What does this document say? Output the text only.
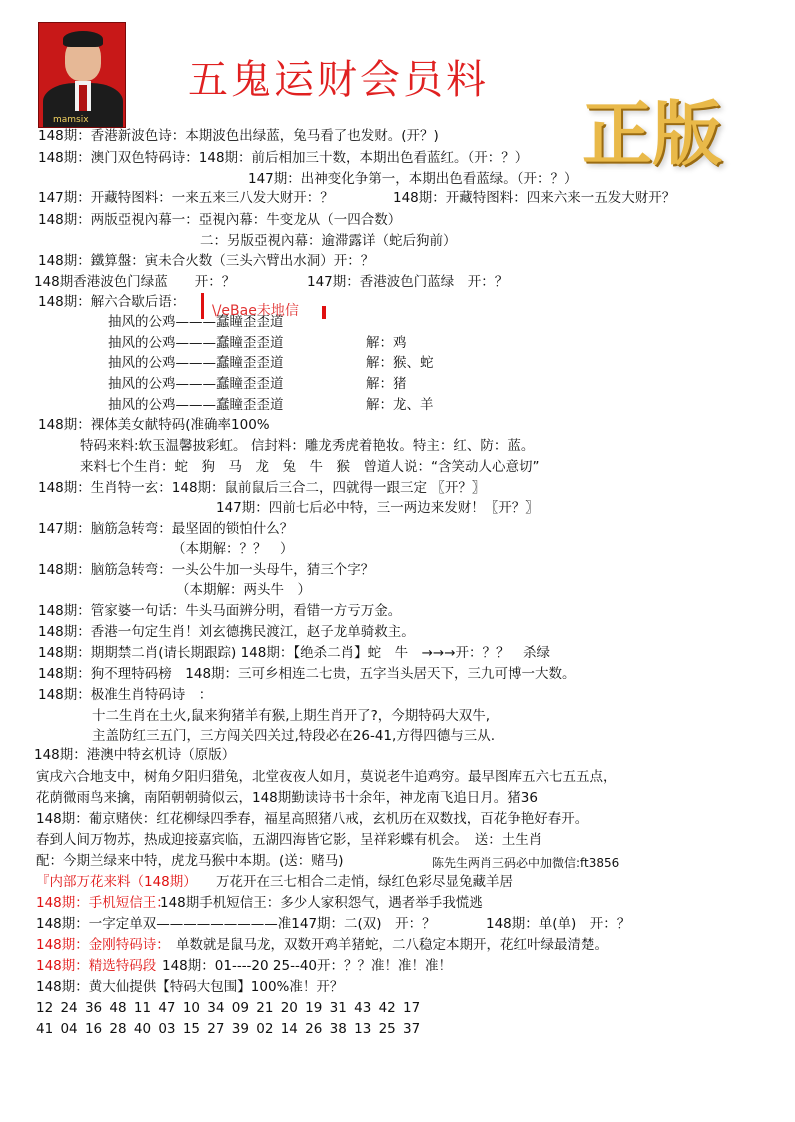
mamsix
五鬼运财会员料
正版
148期：香港新波色诗：本期波色出绿蓝，兔马看了也发财。(开？)
148期：澳门双色特码诗：148期：前后相加三十数，本期出色看蓝红。（开：？）
147期：出神变化争第一，本期出色看蓝绿。（开：？）
147期：开藏特图料：一来五来三八发大财开：？	148期：开藏特图料：四来六来一五发大财开？
148期：两版亞視內幕一：亞視內幕：牛变龙从（一四合数）
二：另版亞視內幕：逾滞露详（蛇后狗前）
148期：鐵算盤：寅未合火数（三头六臂出水洞）开：？
148期香港波色门绿蓝　　开：？	147期：香港波色门蓝绿　开：？
148期：解六合歇后语：
\/eBae未地信
抽风的公鸡———蠢瞳歪歪道
抽风的公鸡———蠢瞳歪歪道	解：鸡
抽风的公鸡———蠢瞳歪歪道	解：猴、蛇
抽风的公鸡———蠢瞳歪歪道	解：猪
抽风的公鸡———蠢瞳歪歪道	解：龙、羊
148期：裸体美女献特码(准确率100%
特码来料:软玉温馨披彩虹。 信封料：雕龙秀虎着艳妆。特主：红、防：蓝。
来料七个生肖：蛇　狗　马　龙　兔　牛　猴　曾道人说：“含笑动人心意切”
148期：生肖特一玄：148期：鼠前鼠后三合二，四就得一跟三定 〖开？〗
147期：四前七后必中特，三一两边来发财！〖开？〗
147期：脑筋急转弯：最坚固的锁怕什么？
（本期解：？？　）
148期：脑筋急转弯：一头公牛加一头母牛，猜三个字？
（本期解：两头牛　）
148期：管家婆一句话：牛头马面辨分明，看错一方亏万金。
148期：香港一句定生肖！刘玄德携民渡江，赵子龙单骑救主。
148期：期期禁二肖(请长期跟踪) 148期：【绝杀二肖】蛇　牛　→→→开：？？　杀绿
148期：狗不理特码榜　148期：三可乡相连二七贵，五字当头居天下，三九可博一大数。
148期：极准生肖特码诗　：
十二生肖在土火,鼠来狗猪羊有猴,上期生肖开了?，今期特码大双牛,
主盖防红三五门，三方闯关四关过,特段必在26-41,方得四德与三从.
148期：港澳中特玄机诗（原版）
寅戌六合地支中，树角夕阳归猎兔，北堂夜夜人如月，莫说老牛追鸡穷。最早图库五六七五五点，
花荫微雨鸟来擒，南陌朝朝骑似云，148期勤读诗书十余年，神龙南飞追日月。猪36
148期：葡京赌侠：红花柳绿四季春，福星高照猪八戒，玄机历在双数找，百花争艳好春开。
春到人间万物苏，热成迎接嘉宾临，五湖四海皆它影，呈祥彩蝶有机会。　送：土生肖
配：今期兰绿来中特，虎龙马猴中本期。(送：赌马)	陈先生两肖三码必中加微信:ft3856
『内部万花来料（148期） 万花开在三七相合二走悄，绿红色彩尽显兔藏羊居
148期：手机短信王：
148期手机短信王：多少人家积怨气，遇者举手我慌逃
148期：一字定单双—————————准147期：二(双)　开：？	148期：单(单)　开：？
148期：金刚特码诗： 单数就是鼠马龙，双数开鸡羊猪蛇，二八稳定本期开，花红叶绿最清楚。
148期：精选特码段 148期：01----20 25--40开：？？准！准！准！
148期：黄大仙提供【特码大包围】100%准！开？
12 24 36 48 11 47 10 34 09 21 20 19 31 43 42 17
41 04 16 28 40 03 15 27 39 02 14 26 38 13 25 37
